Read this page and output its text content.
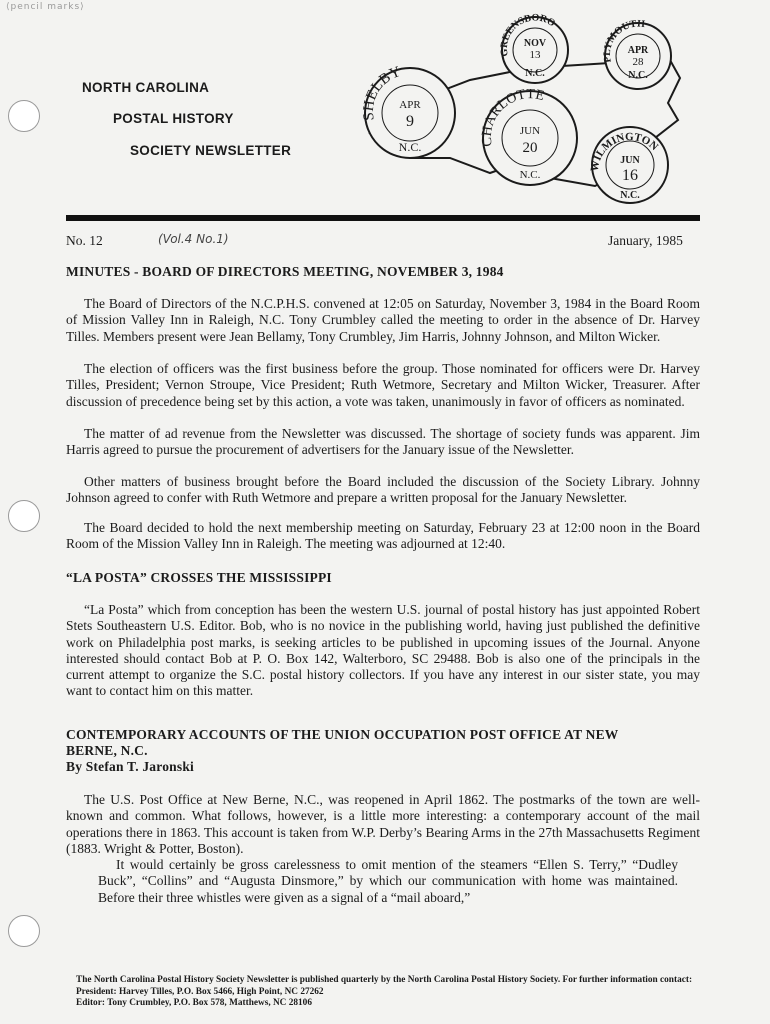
⟨pencil marks⟩
NORTH CAROLINA
POSTAL HISTORY
SOCIETY NEWSLETTER
GREENSBORO
NOV
13
N.C.
PLYMOUTH
APR
28
N.C.
SHELBY
APR
9
N.C.	CHARLOTTE
JUN
20
N.C.
WILMINGTON
JUN
16
N.C.
No. 12	(Vol.4 No.1)	January, 1985
MINUTES - BOARD OF DIRECTORS MEETING, NOVEMBER 3, 1984

The Board of Directors of the N.C.P.H.S. convened at 12:05 on Saturday, November 3, 1984 in the Board Room of Mission Valley Inn in Raleigh, N.C. Tony Crumbley called the meeting to order in the absence of Dr. Harvey Tilles. Members present were Jean Bellamy, Tony Crumbley, Jim Harris, Johnny Johnson, and Milton Wicker.

The election of officers was the first business before the group. Those nominated for officers were Dr. Harvey Tilles, President; Vernon Stroupe, Vice President; Ruth Wetmore, Secretary and Milton Wicker, Treasurer. After discussion of precedence being set by this action, a vote was taken, unanimously in favor of officers as nominated.

The matter of ad revenue from the Newsletter was discussed. The shortage of society funds was apparent. Jim Harris agreed to pursue the procurement of advertisers for the January issue of the Newsletter.

Other matters of business brought before the Board included the discussion of the Society Library. Johnny Johnson agreed to confer with Ruth Wetmore and prepare a written proposal for the January Newsletter.

The Board decided to hold the next membership meeting on Saturday, February 23 at 12:00 noon in the Board Room of the Mission Valley Inn in Raleigh. The meeting was adjourned at 12:40.

“LA POSTA” CROSSES THE MISSISSIPPI

“La Posta” which from conception has been the western U.S. journal of postal history has just appointed Robert Stets Southeastern U.S. Editor. Bob, who is no novice in the publishing world, having just published the definitive work on Philadelphia post marks, is seeking articles to be published in upcoming issues of the Journal. Anyone interested should contact Bob at P. O. Box 142, Walterboro, SC 29488. Bob is also one of the principals in the current attempt to organize the S.C. postal history collectors. If you have any interest in our sister state, you may want to contact him on this matter.

CONTEMPORARY ACCOUNTS OF THE UNION OCCUPATION POST OFFICE AT NEW BERNE, N.C.
By Stefan T. Jaronski

The U.S. Post Office at New Berne, N.C., was reopened in April 1862. The postmarks of the town are well-known and common. What follows, however, is a little more interesting: a contemporary account of the mail operations there in 1863. This account is taken from W.P. Derby’s Bearing Arms in the 27th Massachusetts Regiment (1883. Wright & Potter, Boston).

It would certainly be gross carelessness to omit mention of the steamers “Ellen S. Terry,” “Dudley Buck”, “Collins” and “Augusta Dinsmore,” by which our communication with home was maintained. Before their three whistles were given as a signal of a “mail aboard,”

The North Carolina Postal History Society Newsletter is published quarterly by the North Carolina Postal History Society. For further information contact:
President: Harvey Tilles, P.O. Box 5466, High Point, NC 27262
Editor: Tony Crumbley, P.O. Box 578, Matthews, NC 28106
